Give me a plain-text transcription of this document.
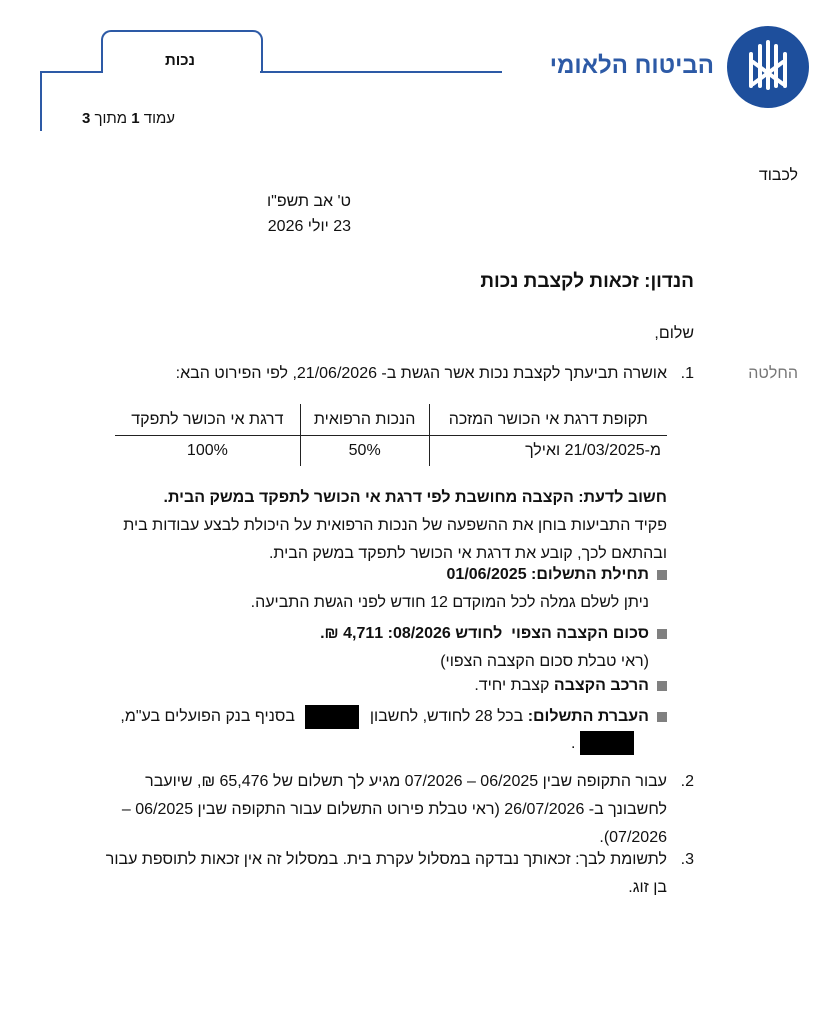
הביטוח הלאומי
נכות
עמוד 1 מתוך 3
לכבוד
ט' אב תשפ"ו
23 יולי 2026
הנדון: זכאות לקצבת נכות
שלום,
החלטה
1.
אושרה תביעתך לקצבת נכות אשר הגשת ב- 21/06/2026, לפי הפירוט הבא:
תקופת דרגת אי הכושר המזכה	הנכות הרפואית	דרגת אי הכושר לתפקד
מ-21/03/2025 ואילך	50%	100%
חשוב לדעת: הקצבה מחושבת לפי דרגת אי הכושר לתפקד במשק הבית.
פקיד התביעות בוחן את ההשפעה של הנכות הרפואית על היכולת לבצע עבודות בית
ובהתאם לכך, קובע את דרגת אי הכושר לתפקד במשק הבית.
תחילת התשלום: 01/06/2025
ניתן לשלם גמלה לכל המוקדם 12 חודש לפני הגשת התביעה.
סכום הקצבה הצפוי  לחודש 08/2026: 4,711 ₪.
(ראי טבלת סכום הקצבה הצפוי)
הרכב הקצבה קצבת יחיד.
העברת התשלום: בכל 28 לחודש, לחשבון  בסניף בנק הפועלים בע"מ,
.
2.
עבור התקופה שבין 06/2025 – 07/2026 מגיע לך תשלום של 65,476 ₪, שיועבר
לחשבונך ב- 26/07/2026 (ראי טבלת פירוט התשלום עבור התקופה שבין 06/2025 –
07/2026).
3.
לתשומת לבך: זכאותך נבדקה במסלול עקרת בית. במסלול זה אין זכאות לתוספת עבור
בן זוג.
